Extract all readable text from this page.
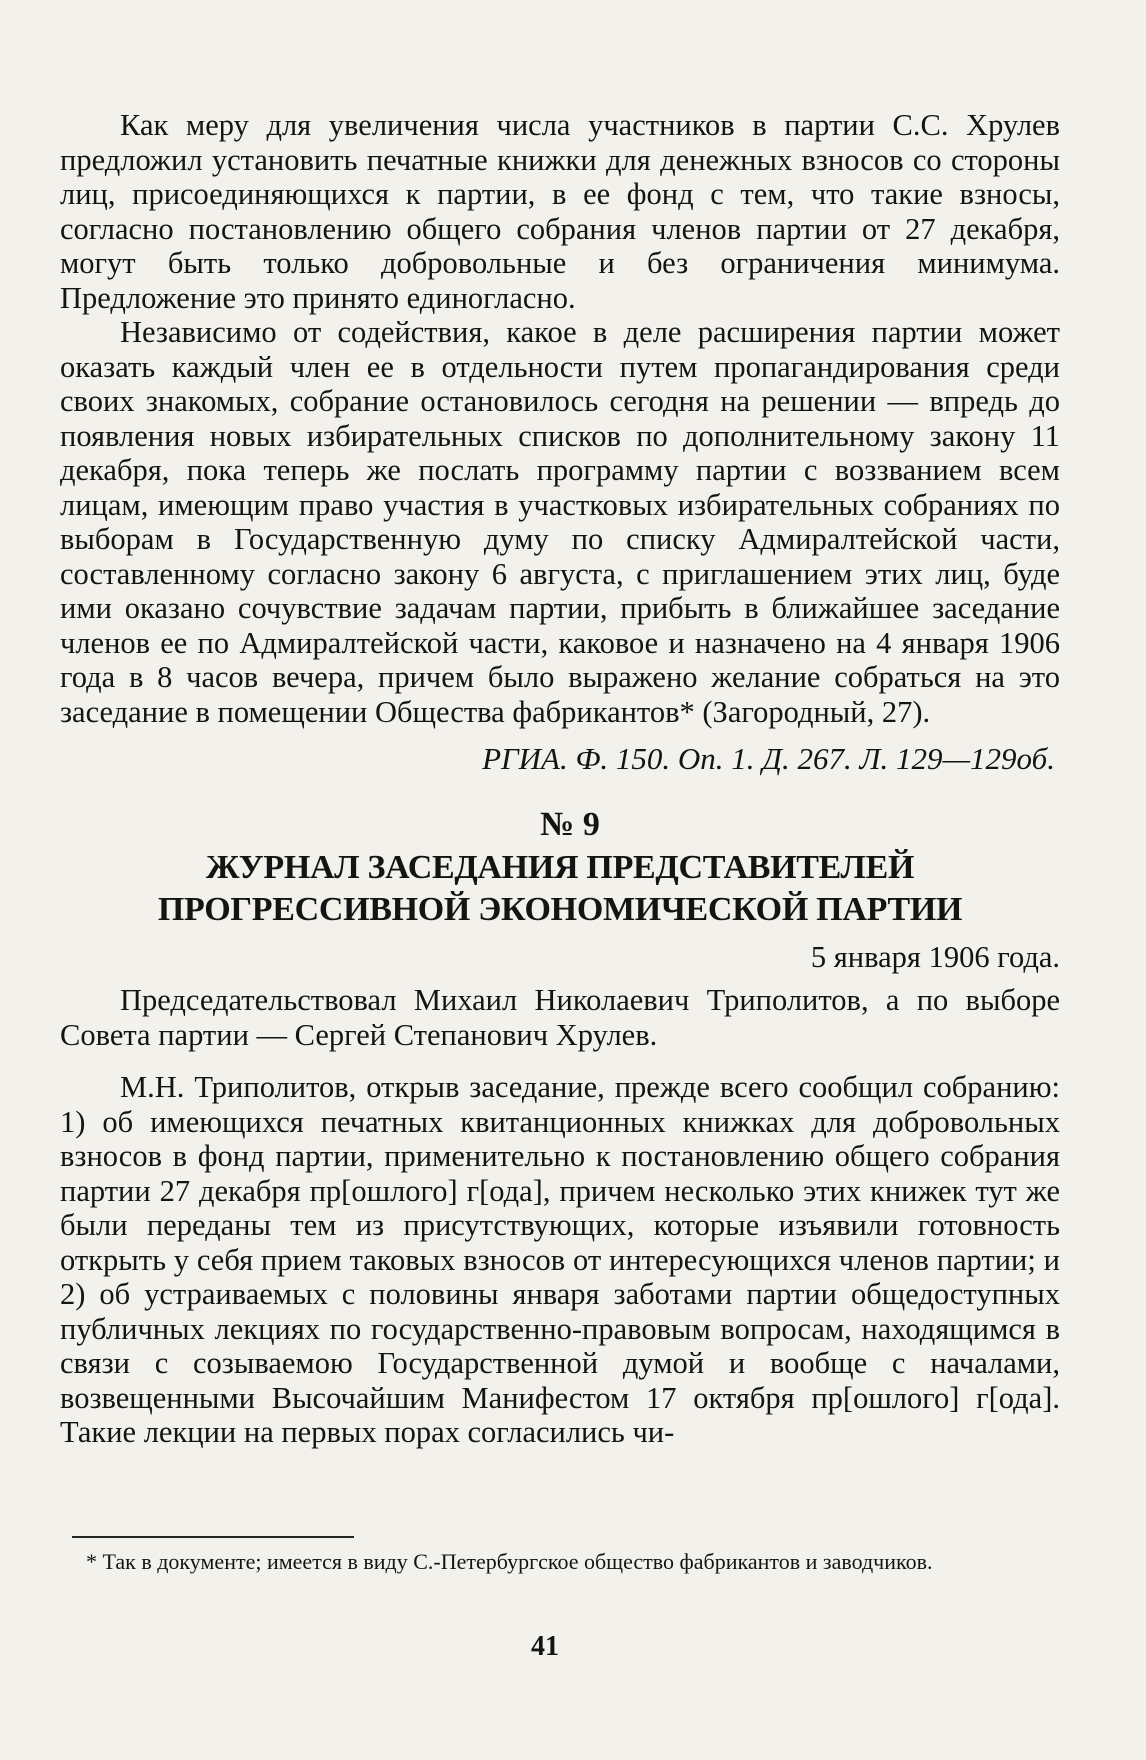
Как меру для увеличения числа участников в партии С.С. Хрулев предложил установить печатные книжки для денежных взносов со стороны лиц, присоединяющихся к партии, в ее фонд с тем, что такие взносы, согласно постановлению общего собрания членов партии от 27 декабря, могут быть только добровольные и без ограничения минимума. Предложение это принято единогласно.

Независимо от содействия, какое в деле расширения партии может оказать каждый член ее в отдельности путем пропагандирования среди своих знакомых, собрание остановилось сегодня на решении — впредь до появления новых избирательных списков по дополнительному закону 11 декабря, пока теперь же послать программу партии с воззванием всем лицам, имеющим право участия в участковых избирательных собраниях по выборам в Государственную думу по списку Адмиралтейской части, составленному согласно закону 6 августа, с приглашением этих лиц, буде ими оказано сочувствие задачам партии, прибыть в ближайшее заседание членов ее по Адмиралтейской части, каковое и назначено на 4 января 1906 года в 8 часов вечера, причем было выражено желание собраться на это заседание в помещении Общества фабрикантов* (Загородный, 27).

РГИА. Ф. 150. Оп. 1. Д. 267. Л. 129—129об.

№ 9

ЖУРНАЛ ЗАСЕДАНИЯ ПРЕДСТАВИТЕЛЕЙ

ПРОГРЕССИВНОЙ ЭКОНОМИЧЕСКОЙ ПАРТИИ

5 января 1906 года.

Председательствовал Михаил Николаевич Триполитов, а по выборе Совета партии — Сергей Степанович Хрулев.

М.Н. Триполитов, открыв заседание, прежде всего сообщил собранию: 1) об имеющихся печатных квитанционных книжках для добровольных взносов в фонд партии, применительно к постановлению общего собрания партии 27 декабря пр[ошлого] г[ода], причем несколько этих книжек тут же были переданы тем из присутствующих, которые изъявили готовность открыть у себя прием таковых взносов от интересующихся членов партии; и 2) об устраиваемых с половины января заботами партии общедоступных публичных лекциях по государственно-правовым вопросам, находящимся в связи с созываемою Государственной думой и вообще с началами, возвещенными Высочайшим Манифестом 17 октября пр[ошлого] г[ода]. Такие лекции на первых порах согласились чи-

* Так в документе; имеется в виду С.-Петербургское общество фабрикантов и заводчиков.

41
